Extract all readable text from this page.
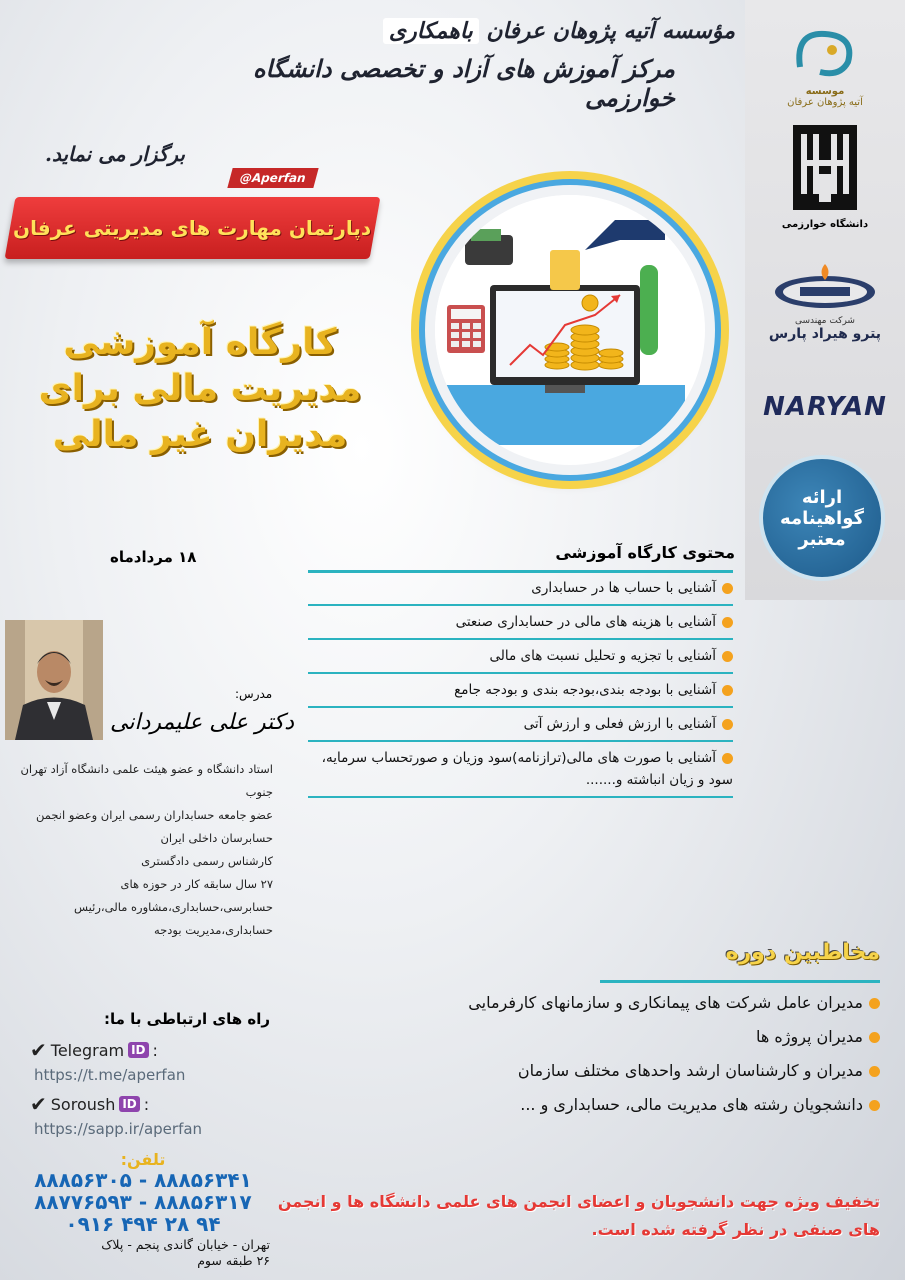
مؤسسه آتیه پژوهان عرفان باهمکاری
مرکز آموزش های آزاد و تخصصی دانشگاه خوارزمی
برگزار می نماید.
@Aperfan
دپارتمان مهارت های مدیریتی عرفان
کارگاه آموزشی
مدیریت مالی برای
مدیران غیر مالی
موسسه
آتیه پژوهان عرفان
دانشگاه خوارزمی
شرکت مهندسی
پترو هیراد پارس
NARYAN
ارائه
گواهینامه
معتبر
۱۸ مردادماه	محتوی کارگاه آموزشی
آشنایی با حساب ها در حسابداری
آشنایی با هزینه های مالی در حسابداری صنعتی
آشنایی با تجزیه و تحلیل نسبت های مالی
آشنایی با بودجه بندی،بودجه بندی و بودجه جامع
آشنایی با ارزش فعلی و ارزش آتی
آشنایی با صورت های مالی(ترازنامه)سود وزیان و صورتحساب سرمایه، سود و زیان انباشته و.......
مدرس:
دکتر علی علیمردانی
استاد دانشگاه و عضو هیئت علمی دانشگاه آزاد تهران جنوب
عضو جامعه حسابداران رسمی ایران وعضو انجمن حسابرسان داخلی ایران
کارشناس رسمی دادگستری
۲۷ سال سابقه کار در حوزه های حسابرسی،حسابداری،مشاوره مالی،رئیس حسابداری،مدیریت بودجه
مخاطبین دوره
مدیران عامل شرکت های پیمانکاری و سازمانهای کارفرمایی
مدیران پروژه ها
مدیران و کارشناسان ارشد واحدهای مختلف سازمان
دانشجویان رشته های مدیریت مالی، حسابداری و ...
تخفیف ویژه جهت دانشجویان و اعضای انجمن های علمی دانشگاه ها و انجمن های صنفی در نظر گرفته شده است.
راه های ارتباطی با ما:
✔ Telegram ID :
https://t.me/aperfan
✔ Soroush ID :
https://sapp.ir/aperfan
تلفن:
۸۸۸۵۶۳۰۵ - ۸۸۸۵۶۳۴۱
۸۸۷۷۶۵۹۳ - ۸۸۸۵۶۳۱۷
۰۹۱۶ ۴۹۴ ۲۸ ۹۴
تهران - خیابان گاندی پنجم - پلاک ۲۶ طبقه سوم
